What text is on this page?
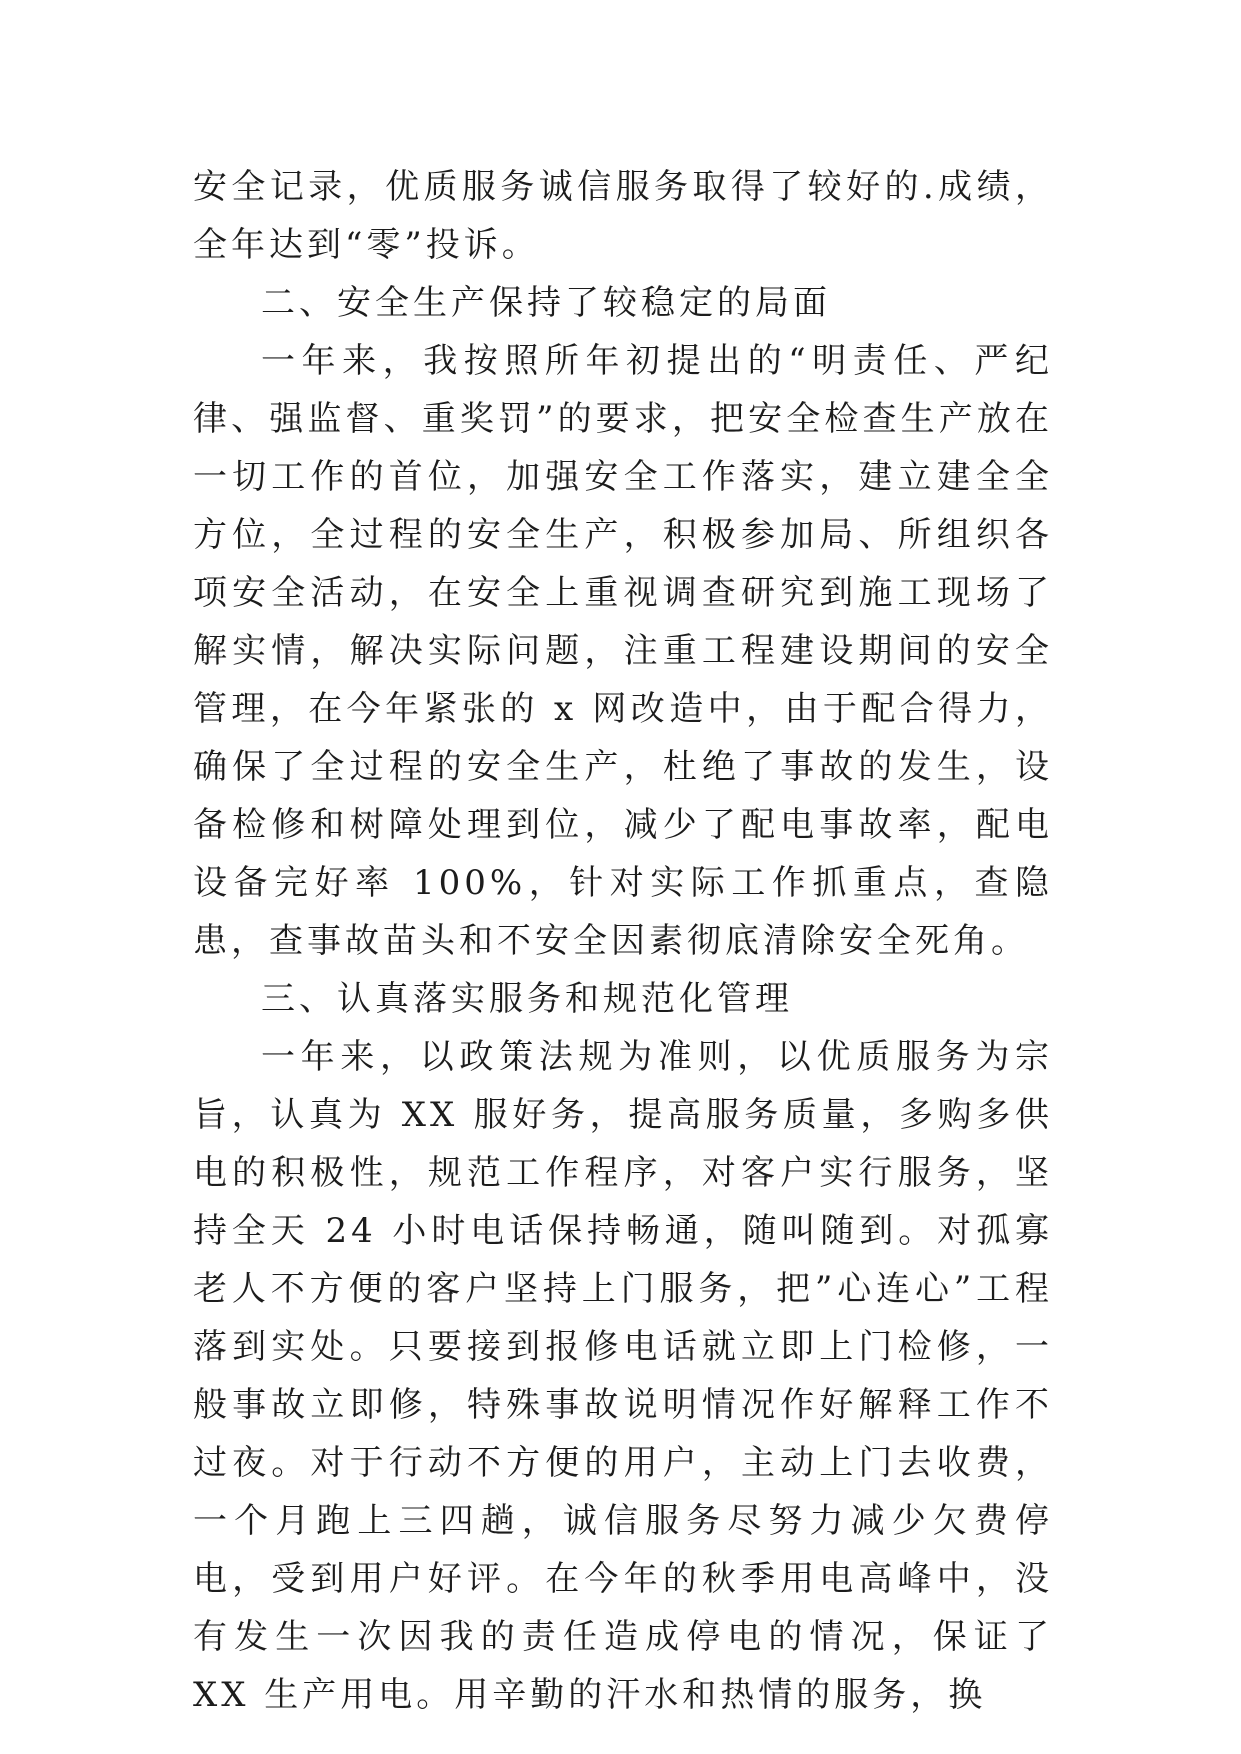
安全记录，优质服务诚信服务取得了较好的.成绩，全年达到“零”投诉。

二、安全生产保持了较稳定的局面

一年来，我按照所年初提出的“明责任、严纪律、强监督、重奖罚”的要求，把安全检查生产放在一切工作的首位，加强安全工作落实，建立建全全方位，全过程的安全生产，积极参加局、所组织各项安全活动，在安全上重视调查研究到施工现场了解实情，解决实际问题，注重工程建设期间的安全管理，在今年紧张的 x 网改造中，由于配合得力，确保了全过程的安全生产，杜绝了事故的发生，设备检修和树障处理到位，减少了配电事故率，配电设备完好率 100%，针对实际工作抓重点，查隐患，查事故苗头和不安全因素彻底清除安全死角。

三、认真落实服务和规范化管理

一年来，以政策法规为准则，以优质服务为宗旨，认真为 XX 服好务，提高服务质量，多购多供电的积极性，规范工作程序，对客户实行服务，坚持全天 24 小时电话保持畅通，随叫随到。对孤寡老人不方便的客户坚持上门服务，把”心连心”工程落到实处。只要接到报修电话就立即上门检修，一般事故立即修，特殊事故说明情况作好解释工作不过夜。对于行动不方便的用户，主动上门去收费，一个月跑上三四趟，诚信服务尽努力减少欠费停电，受到用户好评。在今年的秋季用电高峰中，没有发生一次因我的责任造成停电的情况，保证了 XX 生产用电。用辛勤的汗水和热情的服务，换
